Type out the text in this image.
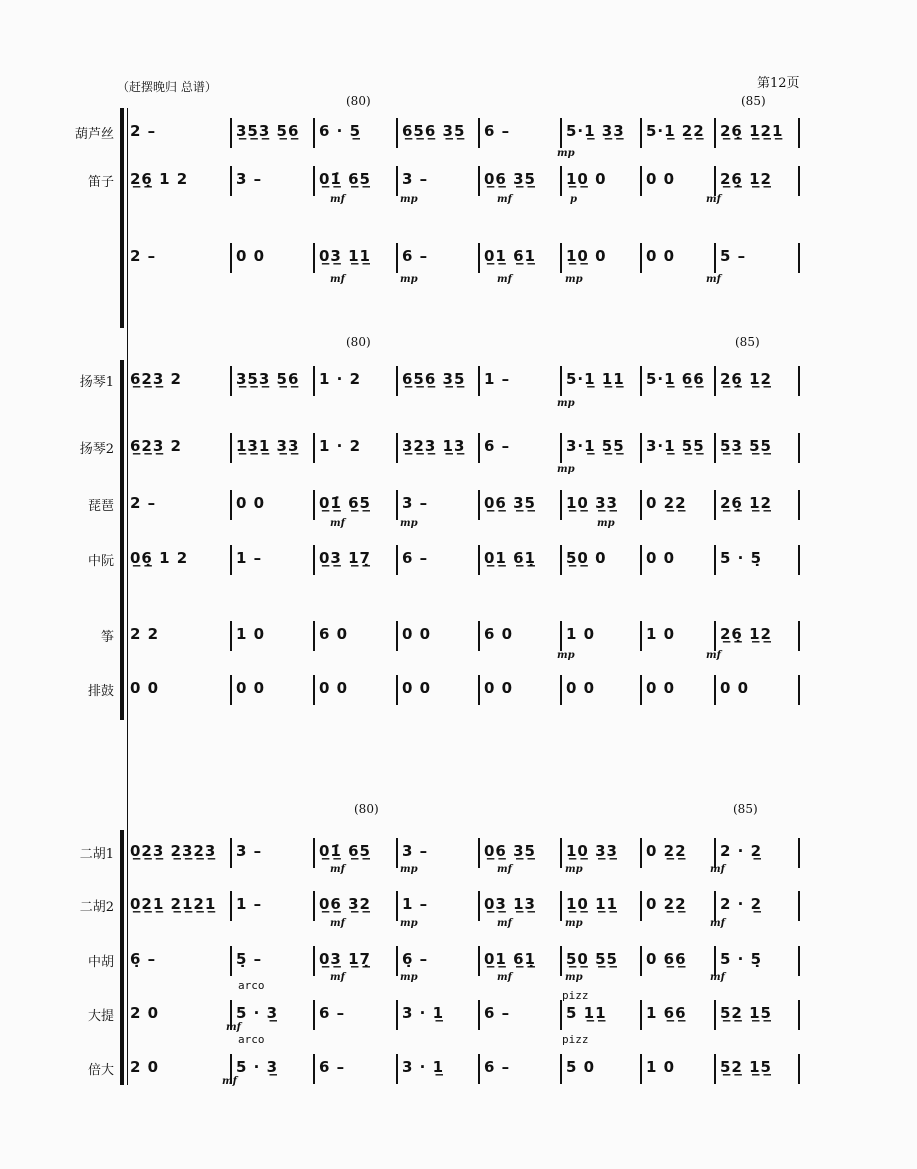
（赶摆晚归 总谱）	第12页
(80)	(85)
(80)	(85)
(80)	(85)
葫芦丝 2 –	3̲5̲3̲ 5̲6̲ 6 · 5̲	6̲5̲6̲ 3̲5̲ 6 –	5·1̲ 3̲3̲ 5·1̲ 2̲2̲ 2̲6̣̲ 1̲2̲1̲
笛子 2̲6̣̲ 1 2	3 –	0̲1̲̇ 6̲5̲ 3 –	0̲6̲ 3̲5̲ 1̲0̲ 0	0 0	2̲6̣̲ 1̲2̲
2 –	0 0	0̲3̲ 1̲1̲ 6 –	0̲1̲ 6̲1̲ 1̲0̲ 0	0 0	5 –
扬琴1 6̲2̲3̲ 2	3̲5̲3̲ 5̲6̲ 1 · 2	6̲5̲6̲ 3̲5̲ 1 –	5·1̲ 1̲1̲ 5·1̲ 6̲6̲ 2̲6̣̲ 1̲2̲
扬琴2 6̲2̲3̲ 2	1̲3̲1̲ 3̲3̲ 1 · 2	3̲2̲3̲ 1̲3̲ 6 –	3·1̲ 5̲5̲ 3·1̲ 5̲5̲ 5̲3̲ 5̲5̲
琵琶 2 –	0 0	0̲1̲̇ 6̲5̲ 3 –	0̲6̲ 3̲5̲ 1̲0̲ 3̲3̲ 0 2̲2̲ 2̲6̣̲ 1̲2̲
中阮 0̲6̣̲ 1 2	1 –	0̲3̲ 1̲7̣̲ 6 –	0̲1̲ 6̲1̣̲ 5̲0̲ 0	0 0	5 · 5̣
筝 2 2	1 0	6 0	0 0	6 0	1 0	1 0	2̲6̣̲ 1̲2̲
排鼓 0 0	0 0	0 0	0 0	0 0	0 0	0 0	0 0
二胡1 0̲2̲3̲ 2̲3̲2̲3̲ 3 –	0̲1̲̇ 6̲5̲ 3 –	0̲6̲ 3̲5̲ 1̲0̲ 3̲3̲ 0 2̲2̲ 2 · 2̲
二胡2 0̲2̲1̲ 2̲1̲2̲1̲ 1 –	0̲6̲ 3̲2̲ 1 –	0̲3̲ 1̲3̲ 1̲0̲ 1̲1̲ 0 2̲2̲ 2 · 2̲
中胡 6̣ –	5̣ –	0̲3̲ 1̲7̣̲ 6̣ –	0̲1̲ 6̲1̣̲ 5̲0̲ 5̲5̲ 0 6̲6̲ 5 · 5̣
大提 2 0	5 · 3̲	6 –	3 · 1̲	6 –	5 1̲1̲	1 6̲6̲ 5̲2̲ 1̲5̲
倍大 2 0	5 · 3̲	6 –	3 · 1̲	6 –	5 0	1 0	5̲2̲ 1̲5̲
mp
mf	mp	mf	p	mf
mf	mp	mf	mp	mf
mp
mp
mf	mp	mp
mp	mf
mf	mp	mf	mp	mf
mf	mp	mf	mp	mf
mf	mp	mf	mp	mf
mf
mf
arco
arco
pizz
pizz
